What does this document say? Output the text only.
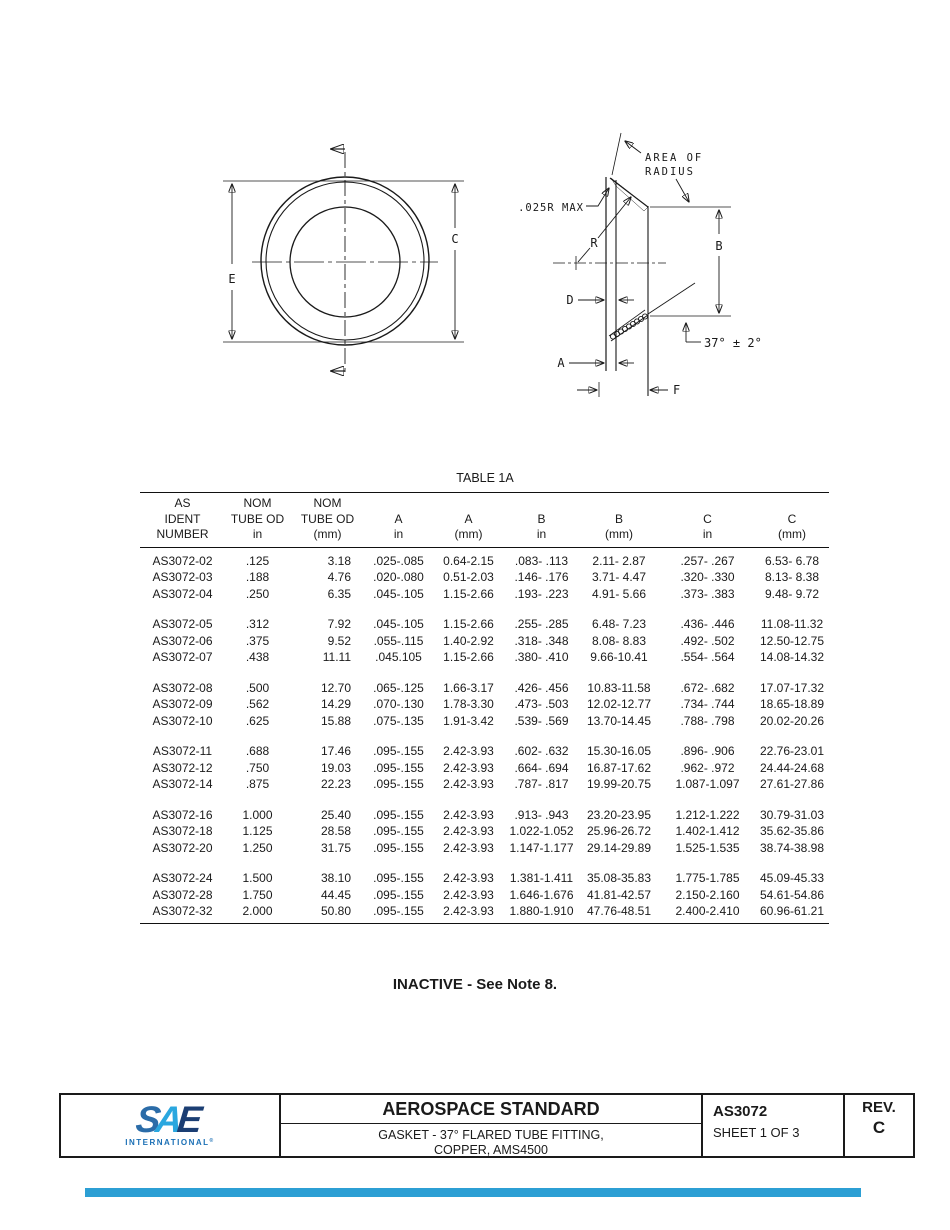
E
C
AREA OF
RADIUS
.025R MAX
R	B
D
37° ± 2°
A
F
TABLE 1A
AS
IDENT
NUMBER

NOM
TUBE OD
in

NOM
TUBE OD
(mm)

A
in

A
(mm)

B
in

B
(mm)

C
in

C
(mm)

AS3072-02	.125	3.18	.025-.085	0.64-2.15	.083- .113	2.11- 2.87	.257- .267	6.53- 6.78
AS3072-03	.188	4.76	.020-.080	0.51-2.03	.146- .176	3.71- 4.47	.320- .330	8.13- 8.38
AS3072-04	.250	6.35	.045-.105	1.15-2.66	.193- .223	4.91- 5.66	.373- .383	9.48- 9.72

AS3072-05	.312	7.92	.045-.105	1.15-2.66	.255- .285	6.48- 7.23	.436- .446	11.08-11.32
AS3072-06	.375	9.52	.055-.115	1.40-2.92	.318- .348	8.08- 8.83	.492- .502	12.50-12.75
AS3072-07	.438	11.11	.045.105	1.15-2.66	.380- .410	9.66-10.41	.554- .564	14.08-14.32

AS3072-08	.500	12.70	.065-.125	1.66-3.17	.426- .456	10.83-11.58	.672- .682	17.07-17.32
AS3072-09	.562	14.29	.070-.130	1.78-3.30	.473- .503	12.02-12.77	.734- .744	18.65-18.89
AS3072-10	.625	15.88	.075-.135	1.91-3.42	.539- .569	13.70-14.45	.788- .798	20.02-20.26

AS3072-11	.688	17.46	.095-.155	2.42-3.93	.602- .632	15.30-16.05	.896- .906	22.76-23.01
AS3072-12	.750	19.03	.095-.155	2.42-3.93	.664- .694	16.87-17.62	.962- .972	24.44-24.68
AS3072-14	.875	22.23	.095-.155	2.42-3.93	.787- .817	19.99-20.75	1.087-1.097	27.61-27.86

AS3072-16	1.000	25.40	.095-.155	2.42-3.93	.913- .943	23.20-23.95	1.212-1.222	30.79-31.03
AS3072-18	1.125	28.58	.095-.155	2.42-3.93	1.022-1.052	25.96-26.72	1.402-1.412	35.62-35.86
AS3072-20	1.250	31.75	.095-.155	2.42-3.93	1.147-1.177	29.14-29.89	1.525-1.535	38.74-38.98

AS3072-24	1.500	38.10	.095-.155	2.42-3.93	1.381-1.411	35.08-35.83	1.775-1.785	45.09-45.33
AS3072-28	1.750	44.45	.095-.155	2.42-3.93	1.646-1.676	41.81-42.57	2.150-2.160	54.61-54.86
AS3072-32	2.000	50.80	.095-.155	2.42-3.93	1.880-1.910	47.76-48.51	2.400-2.410	60.96-61.21
INACTIVE - See Note 8.
SAE
INTERNATIONAL®
AEROSPACE STANDARD
GASKET - 37° FLARED TUBE FITTING,
COPPER, AMS4500
AS3072
SHEET 1 OF 3
REV.
C
